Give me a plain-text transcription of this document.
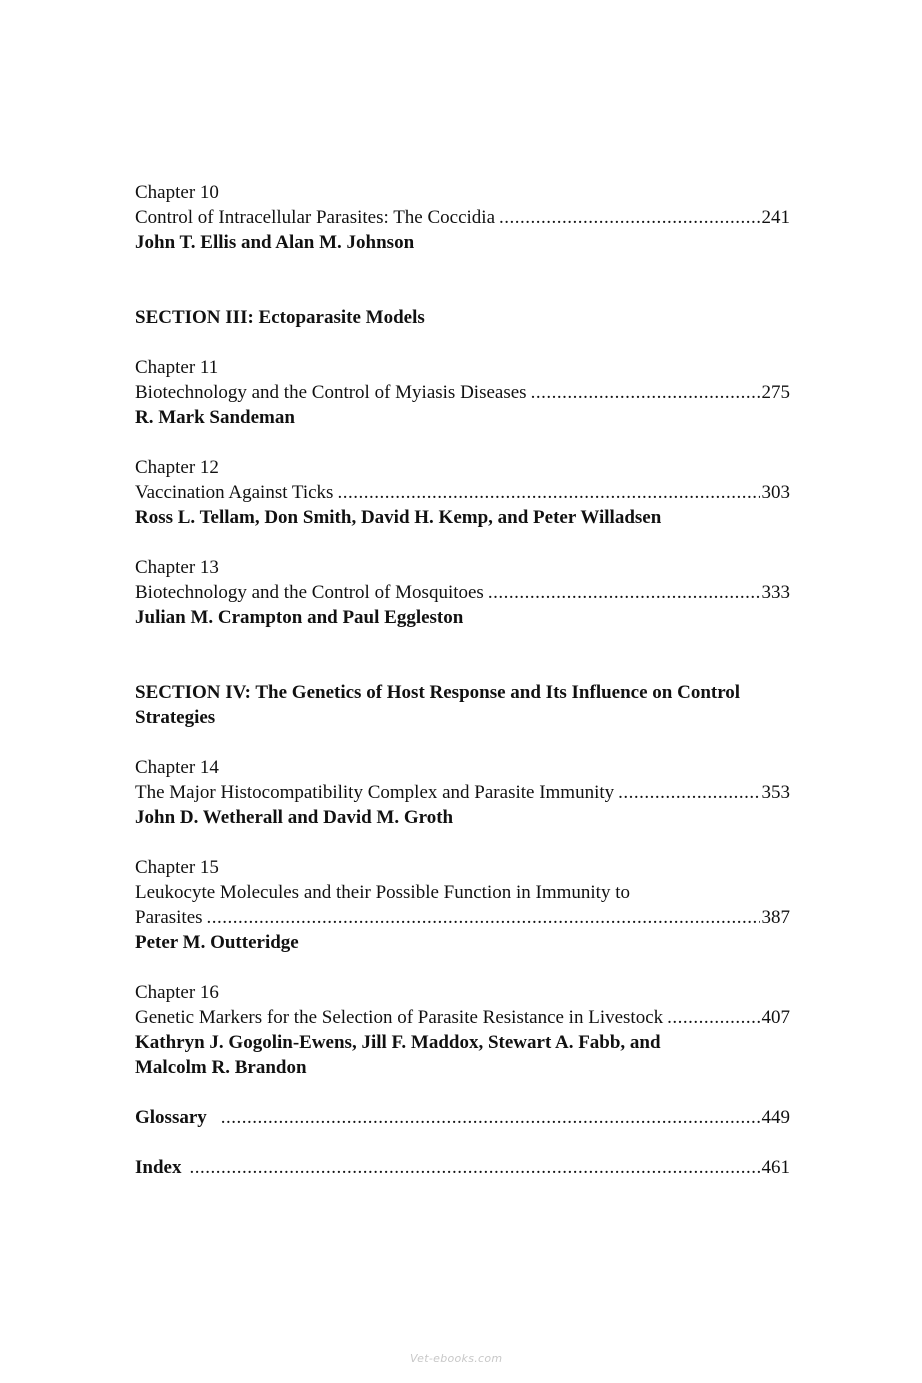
Chapter 10
Control of Intracellular Parasites: The Coccidia .....	241
John T. Ellis and Alan M. Johnson
SECTION III: Ectoparasite Models
Chapter 11
Biotechnology and the Control of Myiasis Diseases .....	275
R. Mark Sandeman
Chapter 12
Vaccination Against Ticks .....	303
Ross L. Tellam, Don Smith, David H. Kemp, and Peter Willadsen
Chapter 13
Biotechnology and the Control of Mosquitoes .....	333
Julian M. Crampton and Paul Eggleston
SECTION IV: The Genetics of Host Response and Its Influence on Control
Strategies
Chapter 14
The Major Histocompatibility Complex and Parasite Immunity .....	353
John D. Wetherall and David M. Groth
Chapter 15
Leukocyte Molecules and their Possible Function in Immunity to
Parasites .....	387
Peter M. Outteridge
Chapter 16
Genetic Markers for the Selection of Parasite Resistance in Livestock .....	407
Kathryn J. Gogolin-Ewens, Jill F. Maddox, Stewart A. Fabb, and
Malcolm R. Brandon
Glossary .....	449
Index .....	461
Vet-ebooks.com
